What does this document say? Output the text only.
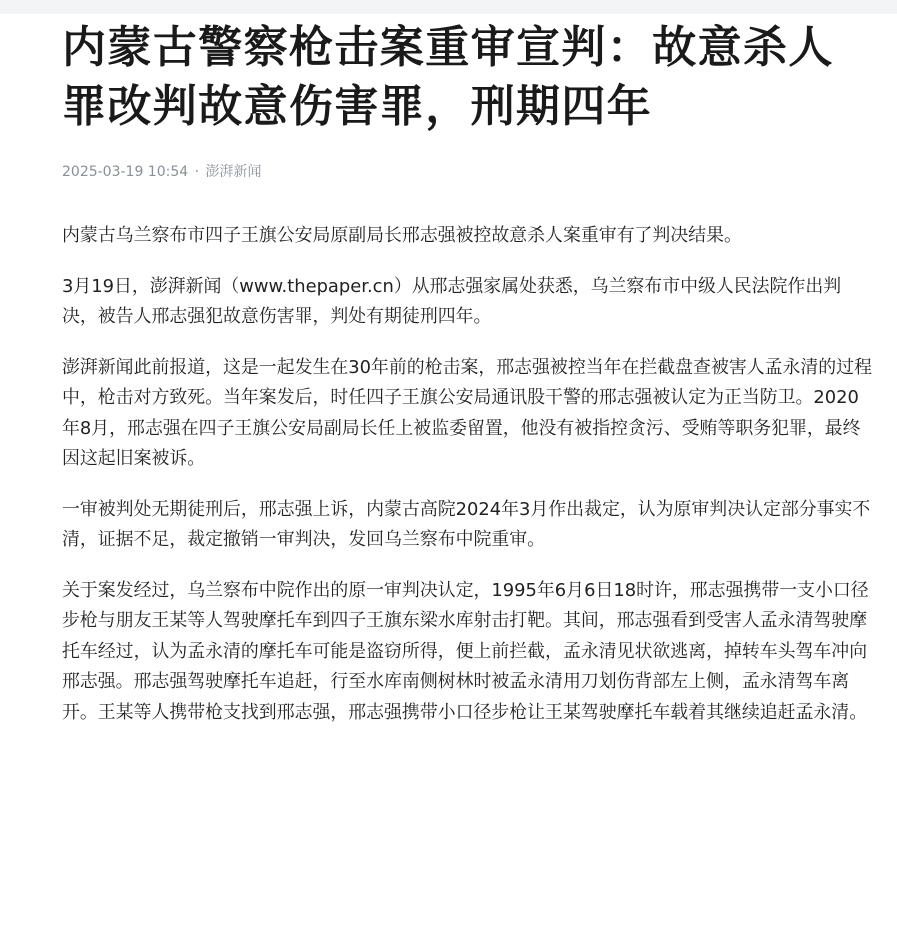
内蒙古警察枪击案重审宣判：故意杀人罪改判故意伤害罪，刑期四年
2025-03-19 10:54 · 澎湃新闻

内蒙古乌兰察布市四子王旗公安局原副局长邢志强被控故意杀人案重审有了判决结果。

3月19日，澎湃新闻（www.thepaper.cn）从邢志强家属处获悉，乌兰察布市中级人民法院作出判决，被告人邢志强犯故意伤害罪，判处有期徒刑四年。

澎湃新闻此前报道，这是一起发生在30年前的枪击案，邢志强被控当年在拦截盘查被害人孟永清的过程中，枪击对方致死。当年案发后，时任四子王旗公安局通讯股干警的邢志强被认定为正当防卫。2020年8月，邢志强在四子王旗公安局副局长任上被监委留置，他没有被指控贪污、受贿等职务犯罪，最终因这起旧案被诉。

一审被判处无期徒刑后，邢志强上诉，内蒙古高院2024年3月作出裁定，认为原审判决认定部分事实不清，证据不足，裁定撤销一审判决，发回乌兰察布中院重审。

关于案发经过，乌兰察布中院作出的原一审判决认定，1995年6月6日18时许，邢志强携带一支小口径步枪与朋友王某等人驾驶摩托车到四子王旗东梁水库射击打靶。其间，邢志强看到受害人孟永清驾驶摩托车经过，认为孟永清的摩托车可能是盗窃所得，便上前拦截，孟永清见状欲逃离，掉转车头驾车冲向邢志强。邢志强驾驶摩托车追赶，行至水库南侧树林时被孟永清用刀划伤背部左上侧，孟永清驾车离开。王某等人携带枪支找到邢志强，邢志强携带小口径步枪让王某驾驶摩托车载着其继续追赶孟永清。
